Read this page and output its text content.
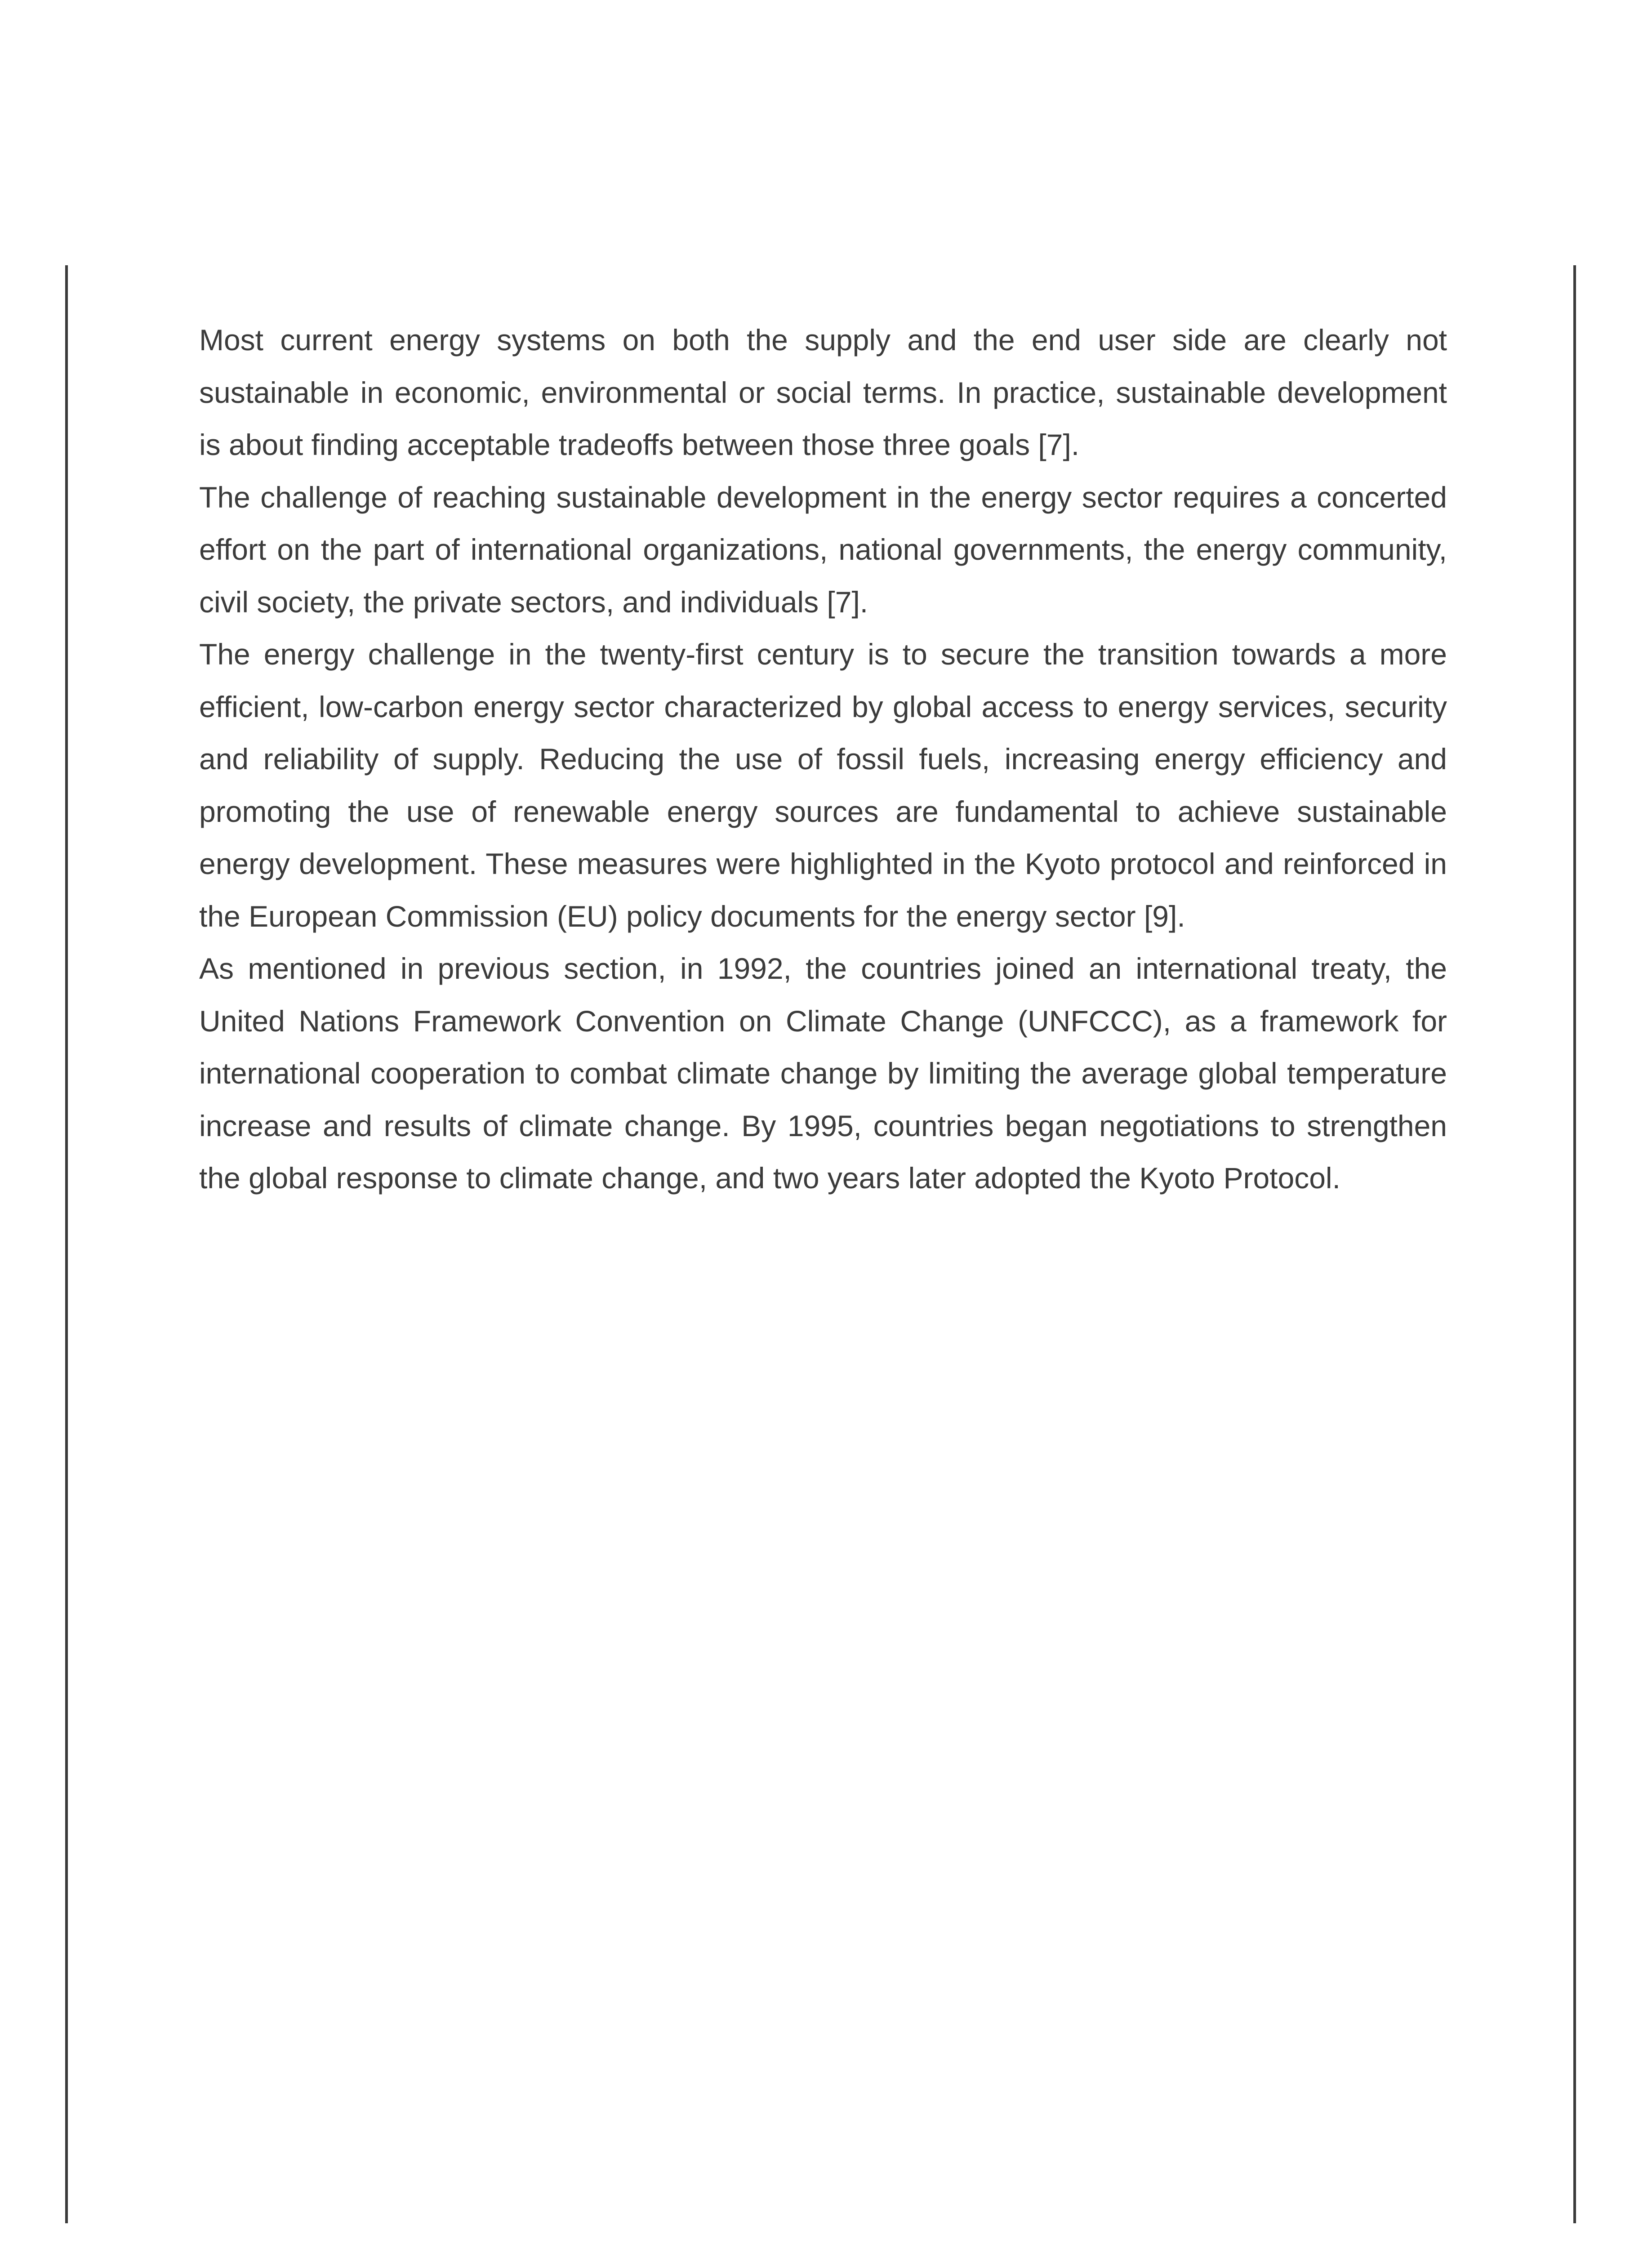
Most current energy systems on both the supply and the end user side are clearly not sustainable in economic, environmental or social terms. In practice, sustainable development is about finding acceptable tradeoffs between those three goals [7].

The challenge of reaching sustainable development in the energy sector requires a concerted effort on the part of international organizations, national governments, the energy community, civil society, the private sectors, and individuals [7].

The energy challenge in the twenty-first century is to secure the transition towards a more efficient, low-carbon energy sector characterized by global access to energy services, security and reliability of supply. Reducing the use of fossil fuels, increasing energy efficiency and promoting the use of renewable energy sources are fundamental to achieve sustainable energy development. These measures were highlighted in the Kyoto protocol and reinforced in the European Commission (EU) policy documents for the energy sector [9].

As mentioned in previous section, in 1992, the countries joined an international treaty, the United Nations Framework Convention on Climate Change (UNFCCC), as a framework for international cooperation to combat climate change by limiting the average global temperature increase and results of climate change. By 1995, countries began negotiations to strengthen the global response to climate change, and two years later adopted the Kyoto Protocol.
